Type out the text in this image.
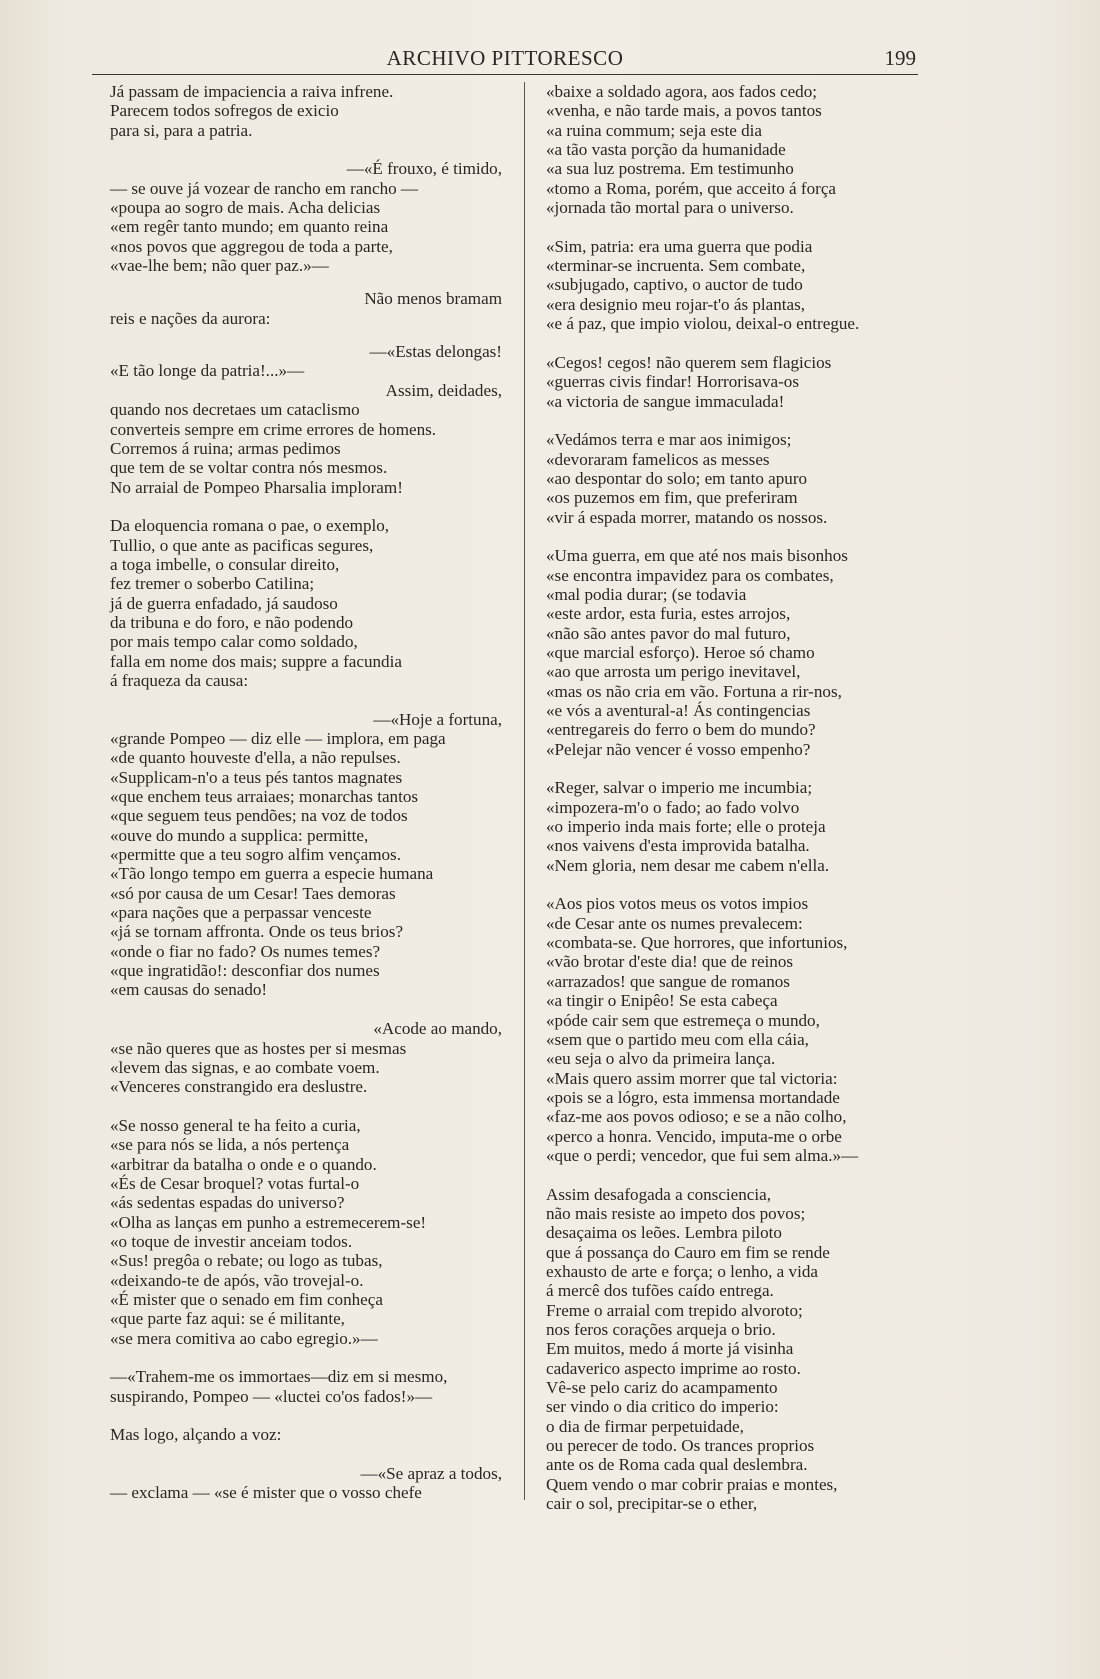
ARCHIVO PITTORESCO	199
Já passam de impaciencia a raiva infrene.
Parecem todos sofregos de exicio
para si, para a patria.
—«É frouxo, é timido,
— se ouve já vozear de rancho em rancho —
«poupa ao sogro de mais. Acha delicias
«em regêr tanto mundo; em quanto reina
«nos povos que aggregou de toda a parte,
«vae-lhe bem; não quer paz.»—
Não menos bramam
reis e nações da aurora:
—«Estas delongas!
«E tão longe da patria!...»—
Assim, deidades,
quando nos decretaes um cataclismo
converteis sempre em crime errores de homens.
Corremos á ruina; armas pedimos
que tem de se voltar contra nós mesmos.
No arraial de Pompeo Pharsalia imploram!
Da eloquencia romana o pae, o exemplo,
Tullio, o que ante as pacificas segures,
a toga imbelle, o consular direito,
fez tremer o soberbo Catilina;
já de guerra enfadado, já saudoso
da tribuna e do foro, e não podendo
por mais tempo calar como soldado,
falla em nome dos mais; suppre a facundia
á fraqueza da causa:
—«Hoje a fortuna,
«grande Pompeo — diz elle — implora, em paga
«de quanto houveste d'ella, a não repulses.
«Supplicam-n'o a teus pés tantos magnates
«que enchem teus arraiaes; monarchas tantos
«que seguem teus pendões; na voz de todos
«ouve do mundo a supplica: permitte,
«permitte que a teu sogro alfim vençamos.
«Tão longo tempo em guerra a especie humana
«só por causa de um Cesar! Taes demoras
«para nações que a perpassar venceste
«já se tornam affronta. Onde os teus brios?
«onde o fiar no fado? Os numes temes?
«que ingratidão!: desconfiar dos numes
«em causas do senado!
«Acode ao mando,
«se não queres que as hostes per si mesmas
«levem das signas, e ao combate voem.
«Venceres constrangido era deslustre.
«Se nosso general te ha feito a curia,
«se para nós se lida, a nós pertença
«arbitrar da batalha o onde e o quando.
«És de Cesar broquel? votas furtal-o
«ás sedentas espadas do universo?
«Olha as lanças em punho a estremecerem-se!
«o toque de investir anceiam todos.
«Sus! pregôa o rebate; ou logo as tubas,
«deixando-te de após, vão trovejal-o.
«É mister que o senado em fim conheça
«que parte faz aqui: se é militante,
«se mera comitiva ao cabo egregio.»—
—«Trahem-me os immortaes—diz em si mesmo,
suspirando, Pompeo — «luctei co'os fados!»—
Mas logo, alçando a voz:
—«Se apraz a todos,
— exclama — «se é mister que o vosso chefe
«baixe a soldado agora, aos fados cedo;
«venha, e não tarde mais, a povos tantos
«a ruina commum; seja este dia
«a tão vasta porção da humanidade
«a sua luz postrema. Em testimunho
«tomo a Roma, porém, que acceito á força
«jornada tão mortal para o universo.
«Sim, patria: era uma guerra que podia
«terminar-se incruenta. Sem combate,
«subjugado, captivo, o auctor de tudo
«era designio meu rojar-t'o ás plantas,
«e á paz, que impio violou, deixal-o entregue.
«Cegos! cegos! não querem sem flagicios
«guerras civis findar! Horrorisava-os
«a victoria de sangue immaculada!
«Vedámos terra e mar aos inimigos;
«devoraram famelicos as messes
«ao despontar do solo; em tanto apuro
«os puzemos em fim, que preferiram
«vir á espada morrer, matando os nossos.
«Uma guerra, em que até nos mais bisonhos
«se encontra impavidez para os combates,
«mal podia durar; (se todavia
«este ardor, esta furia, estes arrojos,
«não são antes pavor do mal futuro,
«que marcial esforço). Heroe só chamo
«ao que arrosta um perigo inevitavel,
«mas os não cria em vão. Fortuna a rir-nos,
«e vós a aventural-a! Ás contingencias
«entregareis do ferro o bem do mundo?
«Pelejar não vencer é vosso empenho?
«Reger, salvar o imperio me incumbia;
«impozera-m'o o fado; ao fado volvo
«o imperio inda mais forte; elle o proteja
«nos vaivens d'esta improvida batalha.
«Nem gloria, nem desar me cabem n'ella.
«Aos pios votos meus os votos impios
«de Cesar ante os numes prevalecem:
«combata-se. Que horrores, que infortunios,
«vão brotar d'este dia! que de reinos
«arrazados! que sangue de romanos
«a tingir o Enipêo! Se esta cabeça
«póde cair sem que estremeça o mundo,
«sem que o partido meu com ella cáia,
«eu seja o alvo da primeira lança.
«Mais quero assim morrer que tal victoria:
«pois se a lógro, esta immensa mortandade
«faz-me aos povos odioso; e se a não colho,
«perco a honra. Vencido, imputa-me o orbe
«que o perdi; vencedor, que fui sem alma.»—
Assim desafogada a consciencia,
não mais resiste ao impeto dos povos;
desaçaimа os leões. Lembra piloto
que á possança do Cauro em fim se rende
exhausto de arte e força; o lenho, a vida
á mercê dos tufões caído entrega.
Freme o arraial com trepido alvoroto;
nos feros corações arqueja o brio.
Em muitos, medo á morte já visinha
cadaverico aspecto imprime ao rosto.
Vê-se pelo cariz do acampamento
ser vindo o dia critico do imperio:
o dia de firmar perpetuidade,
ou perecer de todo. Os trances proprios
ante os de Roma cada qual deslembra.
Quem vendo o mar cobrir praias e montes,
cair o sol, precipitar-se o ether,
